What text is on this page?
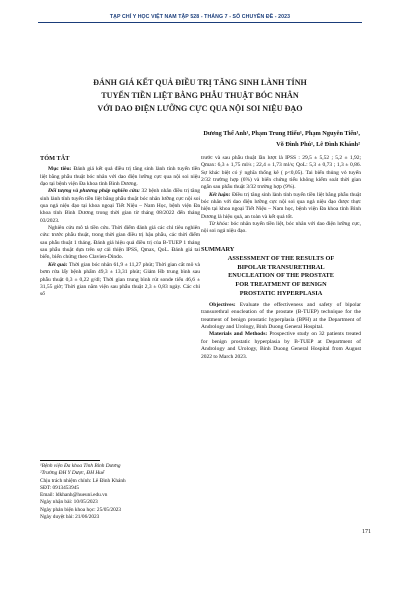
TẠP CHÍ Y HỌC VIỆT NAM TẬP 528 - THÁNG 7 - SỐ CHUYÊN ĐỀ - 2023
ĐÁNH GIÁ KẾT QUẢ ĐIỀU TRỊ TĂNG SINH LÀNH TÍNH
TUYẾN TIỀN LIỆT BẰNG PHẪU THUẬT BÓC NHÂN
VỚI DAO ĐIỆN LƯỠNG CỰC QUA NỘI SOI NIỆU ĐẠO
Dương Thế Anh¹, Phạm Trung Hiếu¹, Phạm Nguyên Tiến¹,
Võ Đình Phú¹, Lê Đình Khánh²
TÓM TẮT

Mục tiêu: Đánh giá kết quả điều trị tăng sinh lành tính tuyến tiền liệt bằng phẫu thuật bóc nhân với dao điện lưỡng cực qua nội soi niệu đạo tại bệnh viện Đa khoa tỉnh Bình Dương.

Đối tượng và phương pháp nghiên cứu: 32 bệnh nhân điều trị tăng sinh lành tính tuyến tiền liệt bằng phẫu thuật bóc nhân lưỡng cực nội soi qua ngả niệu đạo tại khoa ngoại Tiết Niệu – Nam Học, bệnh viện Đa khoa tỉnh Bình Dương trong thời gian từ tháng 08/2022 đến tháng 03/2023.

Nghiên cứu mô tả tiền cứu. Thời điểm đánh giá các chỉ tiêu nghiên cứu: trước phẫu thuật, trong thời gian điều trị hậu phẫu, các thời điểm sau phẫu thuật 1 tháng. Đánh giá hiệu quả điều trị của B-TUEP 1 tháng sau phẫu thuật dựa trên sự cải thiện IPSS, Qmax, QoL. Đánh giá tai biến, biến chứng theo Clavien-Dindo.

Kết quả: Thời gian bóc nhân 61,9 ± 11,27 phút; Thời gian cắt mô và bơm rửa lấy bệnh phẩm 49,3 ± 13,31 phút; Giảm Hb trung bình sau phẫu thuật 0,3 ± 0,22 g/dl; Thời gian trung bình rút sonde tiểu 46,6 ± 31,55 giờ; Thời gian nằm viện sau phẫu thuật 2,3 ± 0,83 ngày. Các chỉ số

¹Bệnh viện Đa khoa Tỉnh Bình Dương
²Trường ĐH Y Dược, ĐH Huế
Chịu trách nhiệm chính: Lê Đình Khánh
SĐT: 0913453945
Email: ldkhanh@hueuni.edu.vn
Ngày nhận bài: 10/05/2023
Ngày phản biện khoa học: 25/05/2023
Ngày duyệt bài: 21/06/2023

trước và sau phẫu thuật lần lượt là IPSS : 29,5 ± 5,52 ; 5,2 ± 1,92; Qmax: 6,3 ± 1,75 ml/s ; 22,4 ± 1,73 ml/s; QoL: 5,3 ± 0,73 ; 1,3 ± 0,86. Sự khác biệt có ý nghĩa thống kê ( p<0,05). Tai biến thủng vỏ tuyến 2/32 trường hợp (6%) và biến chứng tiểu không kiểm soát thời gian ngắn sau phẫu thuật 3/32 trường hợp (9%).

Kết luận: Điều trị tăng sinh lành tính tuyến tiền liệt bằng phẫu thuật bóc nhân với dao điện lưỡng cực nội soi qua ngả niệu đạo được thực hiện tại khoa ngoại Tiết Niệu – Nam học, bệnh viện Đa khoa tỉnh Bình Dương là hiệu quả, an toàn và kết quả tốt.

Từ khóa: bóc nhân tuyến tiền liệt, bóc nhân với dao điện lưỡng cực, nội soi ngả niệu đạo.

SUMMARY
ASSESSMENT OF THE RESULTS OF
BIPOLAR TRANSURETHRAL
ENUCLEATION OF THE PROSTATE
FOR TREATMENT OF BENIGN
PROSTATIC HYPERPLASIA

Objectives: Evaluate the effectiveness and safety of bipolar transurethral enucleation of the prostate (B-TUEP) technique for the treatment of benign prostatic hyperplasia (BPH) at the Department of Andrology and Urology, Binh Duong General Hospital.

Materials and Methods: Prospective study on 32 patients treated for benign prostatic hyperplasia by B-TUEP at Department of Andrology and Urology, Binh Duong General Hospital from August 2022 to March 2023.

171
